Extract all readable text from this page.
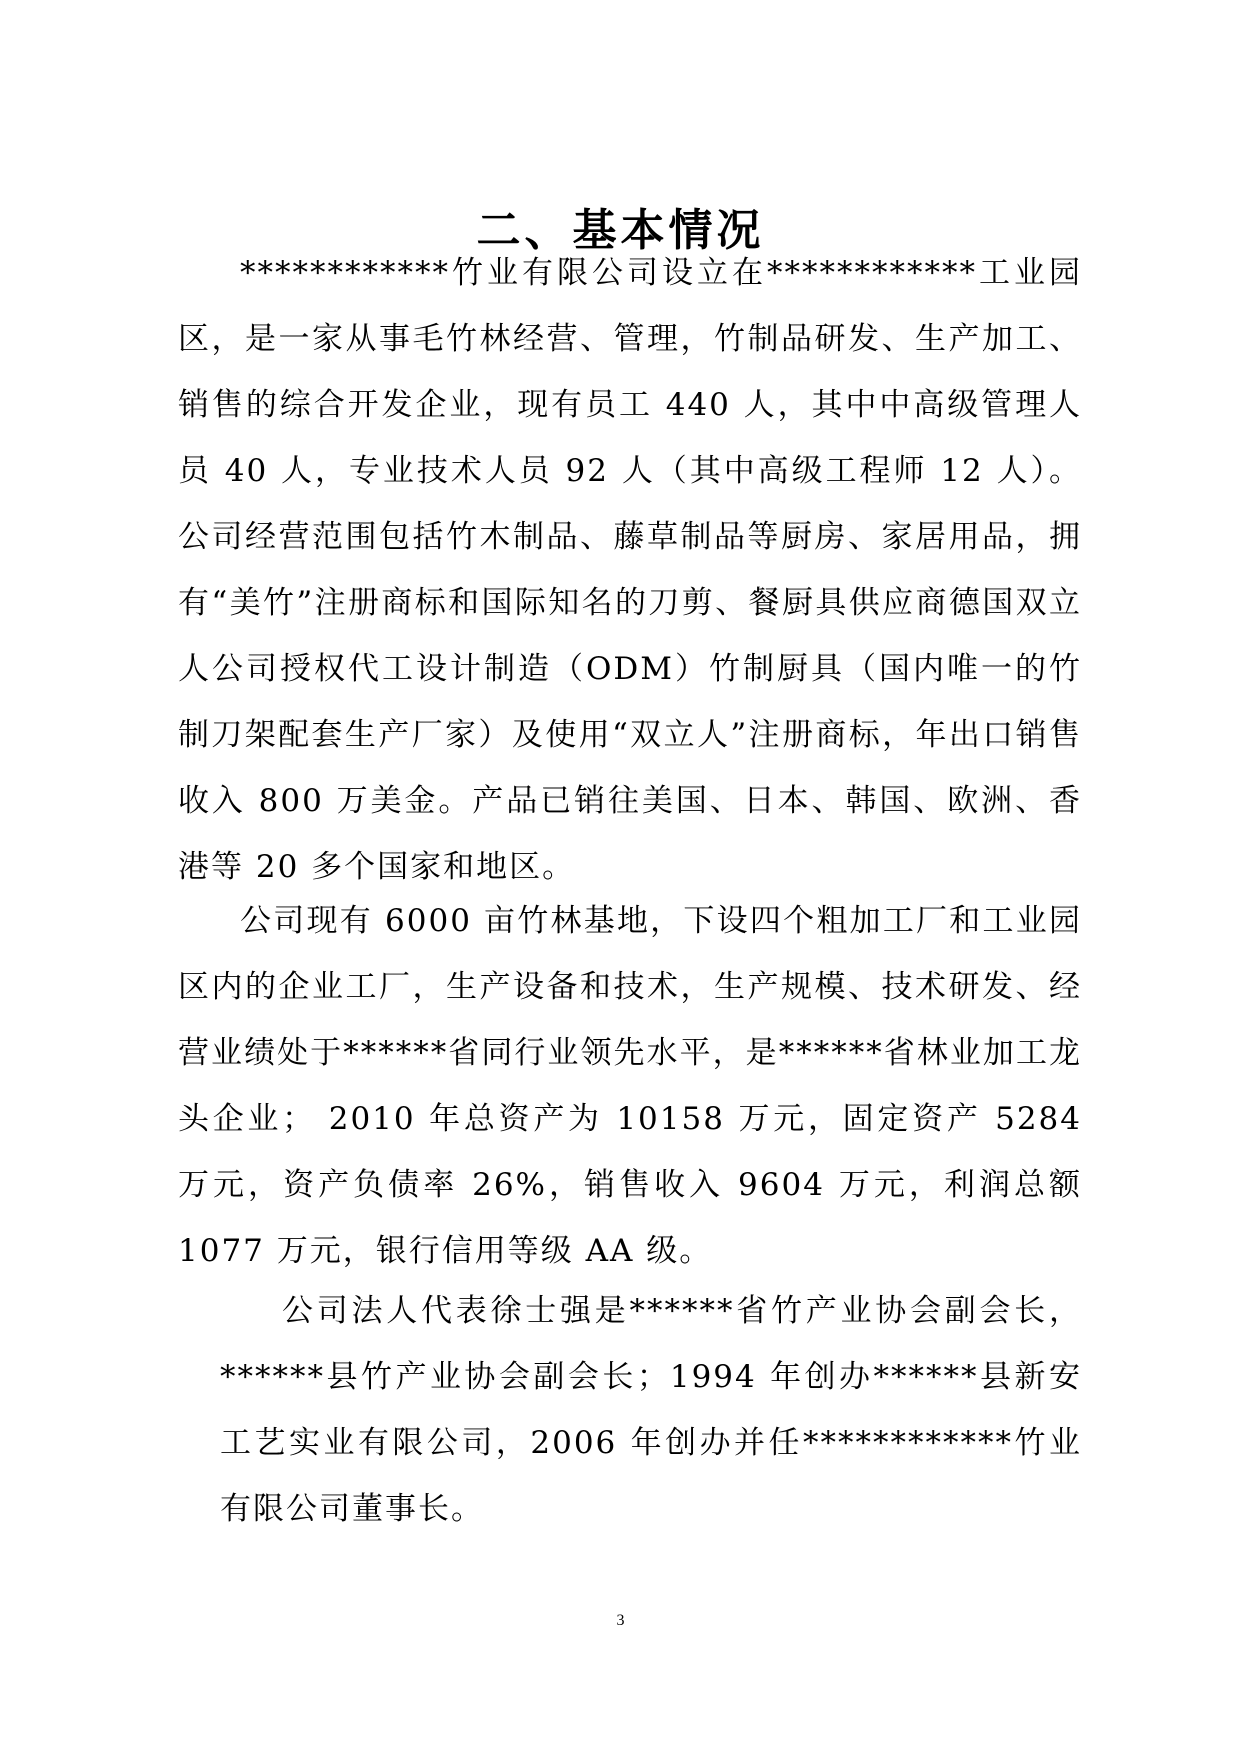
二、基本情况

************竹业有限公司设立在************工业园区，是一家从事毛竹林经营、管理，竹制品研发、生产加工、销售的综合开发企业，现有员工 440 人，其中中高级管理人员 40 人，专业技术人员 92 人（其中高级工程师 12 人）。公司经营范围包括竹木制品、藤草制品等厨房、家居用品，拥有“美竹”注册商标和国际知名的刀剪、餐厨具供应商德国双立人公司授权代工设计制造（ODM）竹制厨具（国内唯一的竹制刀架配套生产厂家）及使用“双立人”注册商标，年出口销售收入 800 万美金。产品已销往美国、日本、韩国、欧洲、香港等 20 多个国家和地区。

公司现有 6000 亩竹林基地，下设四个粗加工厂和工业园区内的企业工厂，生产设备和技术，生产规模、技术研发、经营业绩处于******省同行业领先水平，是******省林业加工龙头企业； 2010 年总资产为 10158 万元，固定资产 5284 万元，资产负债率 26%，销售收入 9604 万元，利润总额 1077 万元，银行信用等级 AA 级。

公司法人代表徐士强是******省竹产业协会副会长，******县竹产业协会副会长；1994 年创办******县新安工艺实业有限公司，2006 年创办并任************竹业有限公司董事长。

3
